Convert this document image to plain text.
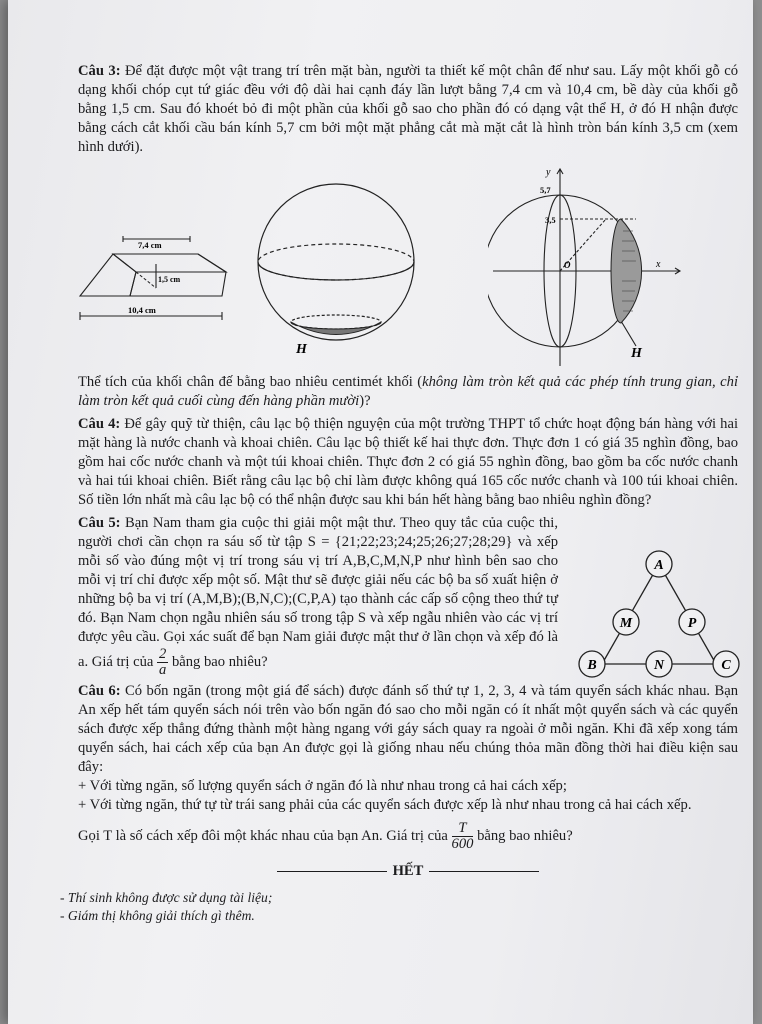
Câu 3: Để đặt được một vật trang trí trên mặt bàn, người ta thiết kế một chân đế như sau. Lấy một khối gỗ có dạng khối chóp cụt tứ giác đều với độ dài hai cạnh đáy lần lượt bằng 7,4 cm và 10,4 cm, bề dày của khối gỗ bằng 1,5 cm. Sau đó khoét bỏ đi một phần của khối gỗ sao cho phần đó có dạng vật thể H, ở đó H nhận được bằng cách cắt khối cầu bán kính 5,7 cm bởi một mặt phẳng cắt mà mặt cắt là hình tròn bán kính 3,5 cm (xem hình dưới).

7,4 cm
1,5 cm
10,4 cm
H
y
5,7
3,5
O	x
H

Thể tích của khối chân đế bằng bao nhiêu centimét khối (không làm tròn kết quả các phép tính trung gian, chỉ làm tròn kết quả cuối cùng đến hàng phần mười)?

Câu 4: Để gây quỹ từ thiện, câu lạc bộ thiện nguyện của một trường THPT tổ chức hoạt động bán hàng với hai mặt hàng là nước chanh và khoai chiên. Câu lạc bộ thiết kế hai thực đơn. Thực đơn 1 có giá 35 nghìn đồng, bao gồm hai cốc nước chanh và một túi khoai chiên. Thực đơn 2 có giá 55 nghìn đồng, bao gồm ba cốc nước chanh và hai túi khoai chiên. Biết rằng câu lạc bộ chỉ làm được không quá 165 cốc nước chanh và 100 túi khoai chiên. Số tiền lớn nhất mà câu lạc bộ có thể nhận được sau khi bán hết hàng bằng bao nhiêu nghìn đồng?

Câu 5: Bạn Nam tham gia cuộc thi giải một mật thư. Theo quy tắc của cuộc thi, người chơi cần chọn ra sáu số từ tập S = {21;22;23;24;25;26;27;28;29} và xếp mỗi số vào đúng một vị trí trong sáu vị trí A,B,C,M,N,P như hình bên sao cho mỗi vị trí chỉ được xếp một số. Mật thư sẽ được giải nếu các bộ ba số xuất hiện ở những bộ ba vị trí (A,M,B);(B,N,C);(C,P,A) tạo thành các cấp số cộng theo thứ tự đó. Bạn Nam chọn ngẫu nhiên sáu số trong tập S và xếp ngẫu nhiên vào các vị trí được yêu cầu. Gọi xác suất để bạn Nam giải được mật thư ở lần chọn và xếp đó là a. Giá trị của $\frac{2}{a}$ bằng bao nhiêu?

A
M	P
B	N	C

Câu 6: Có bốn ngăn (trong một giá để sách) được đánh số thứ tự 1, 2, 3, 4 và tám quyển sách khác nhau. Bạn An xếp hết tám quyển sách nói trên vào bốn ngăn đó sao cho mỗi ngăn có ít nhất một quyển sách và các quyển sách được xếp thẳng đứng thành một hàng ngang với gáy sách quay ra ngoài ở mỗi ngăn. Khi đã xếp xong tám quyển sách, hai cách xếp của bạn An được gọi là giống nhau nếu chúng thỏa mãn đồng thời hai điều kiện sau đây:

+ Với từng ngăn, số lượng quyển sách ở ngăn đó là như nhau trong cả hai cách xếp;

+ Với từng ngăn, thứ tự từ trái sang phải của các quyển sách được xếp là như nhau trong cả hai cách xếp.

Gọi T là số cách xếp đôi một khác nhau của bạn An. Giá trị của $\frac{T}{600}$ bằng bao nhiêu?

HẾT
- Thí sinh không được sử dụng tài liệu;
- Giám thị không giải thích gì thêm.
